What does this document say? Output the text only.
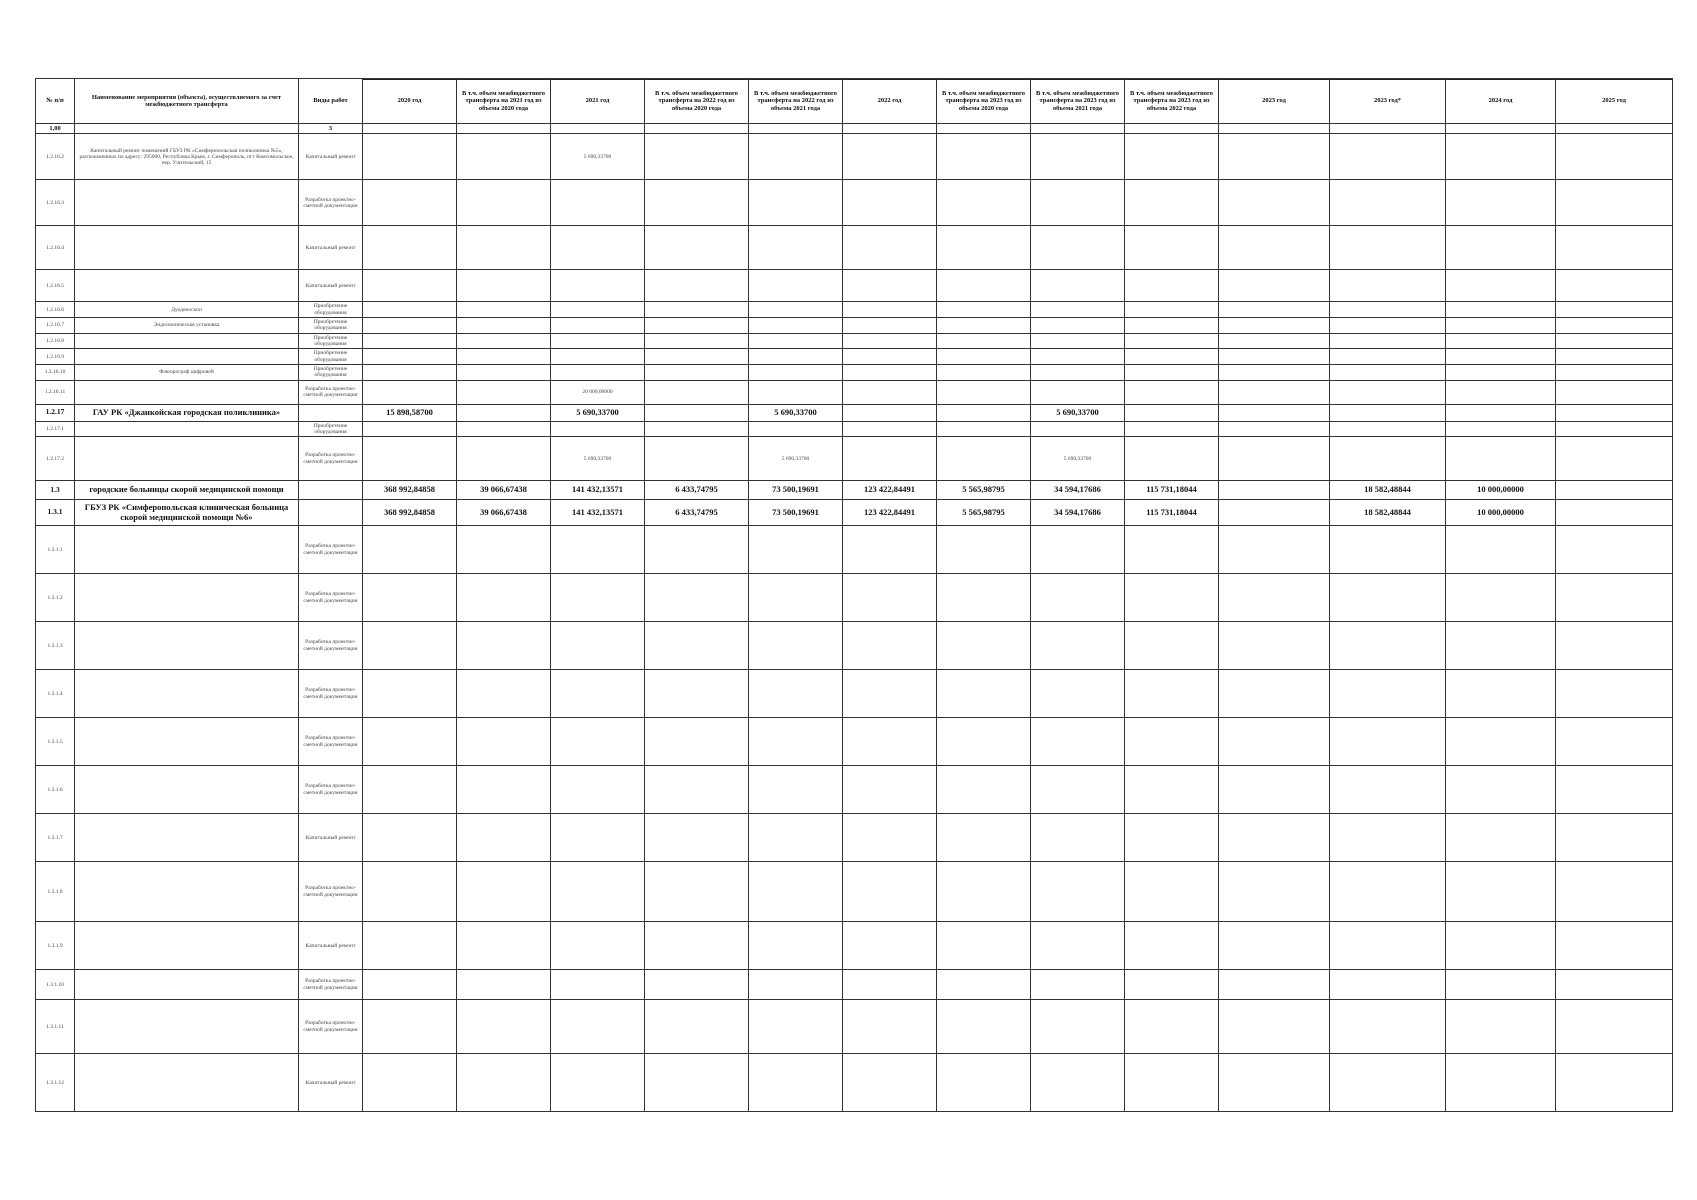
№ п/п	Наименование мероприятия (объекта), осуществляемого за счет межбюджетного трансферта	Виды работ	2020 год	В т.ч. объем межбюджетного трансферта на 2021 год из объема 2020 года	2021 год	В т.ч. объем межбюджетного трансферта на 2022 год из объема 2020 года	В т.ч. объем межбюджетного трансферта на 2022 год из объема 2021 года	2022 год	В т.ч. объем межбюджетного трансферта на 2023 год из объема 2020 года	В т.ч. объем межбюджетного трансферта на 2023 год из объема 2021 года	В т.ч. объем межбюджетного трансферта на 2023 год из объема 2022 года	2023 год	2023 год*	2024 год	2025 год
1,00		3													
1.2.16.2	Капитальный ремонт помещений ГБУЗ РК «Симферопольская поликлиника №5», расположенных по адресу: 295000, Республика Крым, г. Симферополь, пгт Комсомольское, пер. Учительский, 15	Капитальный ремонт			5 690,33700										
1.2.16.3		Разработка проектно-сметной документации													
1.2.16.4		Капитальный ремонт													
1.2.16.5		Капитальный ремонт													
1.2.16.6	Дуоденоскоп	Приобретение оборудования													
1.2.16.7	Эндоскопическая установка	Приобретение оборудования													
1.2.16.8		Приобретение оборудования													
1.2.16.9		Приобретение оборудования													
1.2.16.10	Флюорограф цифровой	Приобретение оборудования													
1.2.16.11		Разработка проектно-сметной документации			20 000,00000										
1.2.17	ГАУ РК «Джанкойская городская поликлиника»		15 898,58700		5 690,33700		5 690,33700			5 690,33700					
1.2.17.1		Приобретение оборудования													
1.2.17.2		Разработка проектно-сметной документации			5 690,33700		5 690,33700			5 690,33700					
1.3	городские больницы скорой медицинской помощи		368 992,84858	39 066,67438	141 432,13571	6 433,74795	73 500,19691	123 422,84491	5 565,98795	34 594,17686	115 731,18044		18 582,48844	10 000,00000	
1.3.1	ГБУЗ РК «Симферопольская клиническая больница скорой медицинской помощи №6»		368 992,84858	39 066,67438	141 432,13571	6 433,74795	73 500,19691	123 422,84491	5 565,98795	34 594,17686	115 731,18044		18 582,48844	10 000,00000	
1.3.1.1		Разработка проектно-сметной документации													
1.3.1.2		Разработка проектно-сметной документации													
1.3.1.3		Разработка проектно-сметной документации													
1.3.1.4		Разработка проектно-сметной документации													
1.3.1.5		Разработка проектно-сметной документации													
1.3.1.6		Разработка проектно-сметной документации													
1.3.1.7		Капитальный ремонт													
1.3.1.8		Разработка проектно-сметной документации													
1.3.1.9		Капитальный ремонт													
1.3.1.10		Разработка проектно-сметной документации													
1.3.1.11		Разработка проектно-сметной документации													
1.3.1.12		Капитальный ремонт													
